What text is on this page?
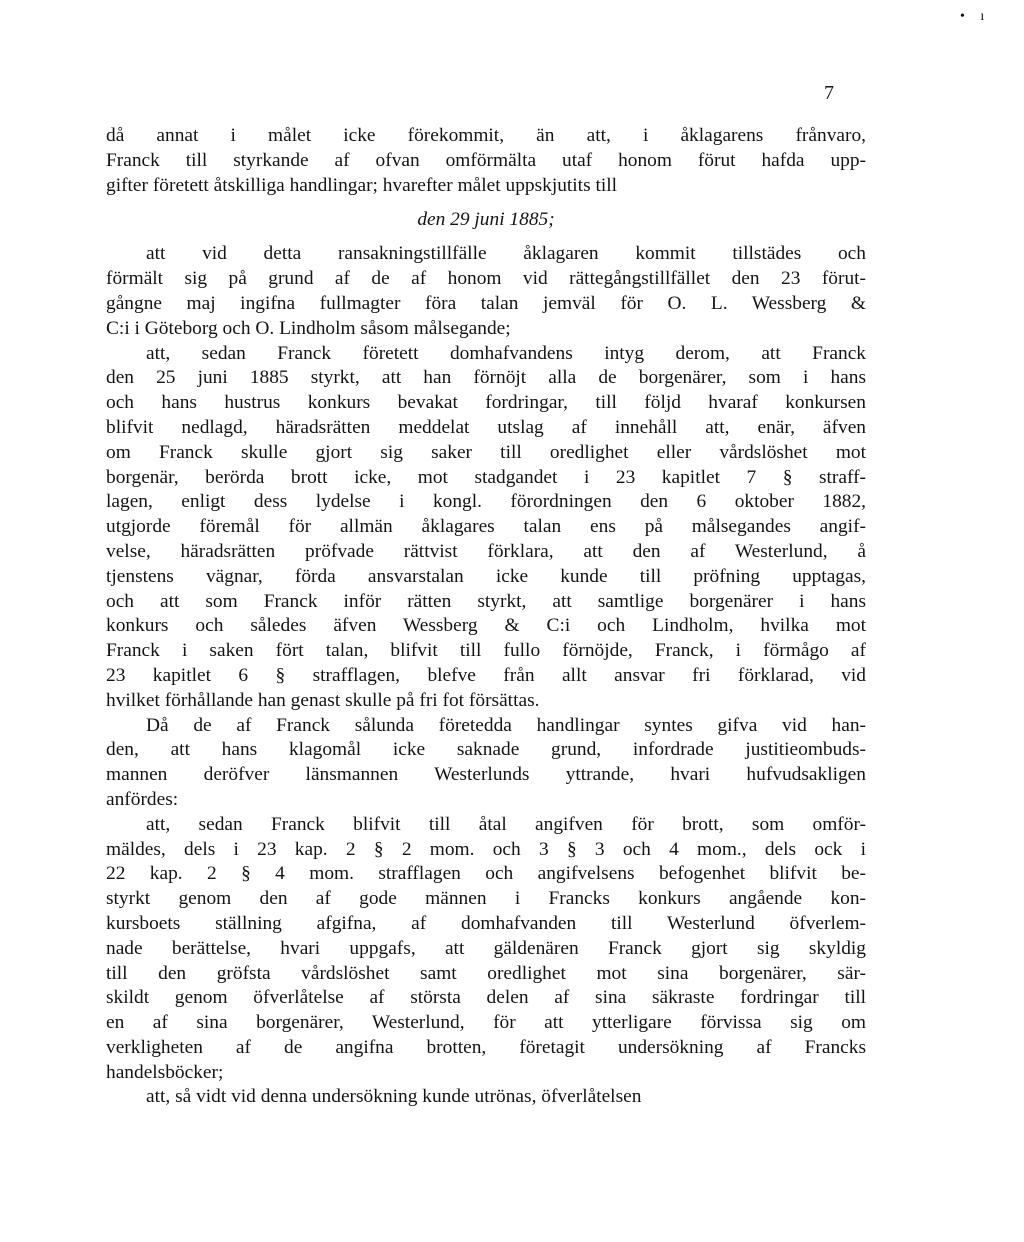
• ı
7
då annat i målet icke förekommit, än att, i åklagarens frånvaro,
Franck till styrkande af ofvan omförmälta utaf honom förut hafda upp-
gifter företett åtskilliga handlingar; hvarefter målet uppskjutits till
den 29 juni 1885;
att vid detta ransakningstillfälle åklagaren kommit tillstädes och
förmält sig på grund af de af honom vid rättegångstillfället den 23 förut-
gångne maj ingifna fullmagter föra talan jemväl för O. L. Wessberg &
C:i i Göteborg och O. Lindholm såsom målsegande;
att, sedan Franck företett domhafvandens intyg derom, att Franck
den 25 juni 1885 styrkt, att han förnöjt alla de borgenärer, som i hans
och hans hustrus konkurs bevakat fordringar, till följd hvaraf konkursen
blifvit nedlagd, häradsrätten meddelat utslag af innehåll att, enär, äfven
om Franck skulle gjort sig saker till oredlighet eller vårdslöshet mot
borgenär, berörda brott icke, mot stadgandet i 23 kapitlet 7 § straff-
lagen, enligt dess lydelse i kongl. förordningen den 6 oktober 1882,
utgjorde föremål för allmän åklagares talan ens på målsegandes angif-
velse, häradsrätten pröfvade rättvist förklara, att den af Westerlund, å
tjenstens vägnar, förda ansvarstalan icke kunde till pröfning upptagas,
och att som Franck inför rätten styrkt, att samtlige borgenärer i hans
konkurs och således äfven Wessberg & C:i och Lindholm, hvilka mot
Franck i saken fört talan, blifvit till fullo förnöjde, Franck, i förmågo af
23 kapitlet 6 § strafflagen, blefve från allt ansvar fri förklarad, vid
hvilket förhållande han genast skulle på fri fot försättas.
Då de af Franck sålunda företedda handlingar syntes gifva vid han-
den, att hans klagomål icke saknade grund, infordrade justitieombuds-
mannen deröfver länsmannen Westerlunds yttrande, hvari hufvudsakligen
anfördes:
att, sedan Franck blifvit till åtal angifven för brott, som omför-
mäldes, dels i 23 kap. 2 § 2 mom. och 3 § 3 och 4 mom., dels ock i
22 kap. 2 § 4 mom. strafflagen och angifvelsens befogenhet blifvit be-
styrkt genom den af gode männen i Francks konkurs angående kon-
kursboets ställning afgifna, af domhafvanden till Westerlund öfverlem-
nade berättelse, hvari uppgafs, att gäldenären Franck gjort sig skyldig
till den gröfsta vårdslöshet samt oredlighet mot sina borgenärer, sär-
skildt genom öfverlåtelse af största delen af sina säkraste fordringar till
en af sina borgenärer, Westerlund, för att ytterligare förvissa sig om
verkligheten af de angifna brotten, företagit undersökning af Francks
handelsböcker;
att, så vidt vid denna undersökning kunde utrönas, öfverlåtelsen
